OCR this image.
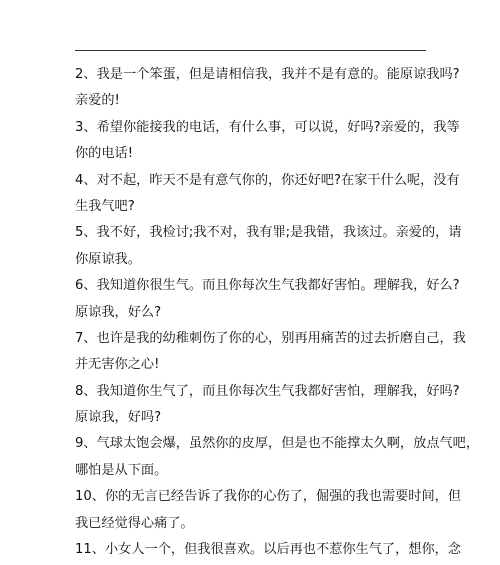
2、我是一个笨蛋，但是请相信我，我并不是有意的。能原谅我吗?
亲爱的!
3、希望你能接我的电话，有什么事，可以说，好吗?亲爱的，我等
你的电话!
4、对不起，昨天不是有意气你的，你还好吧?在家干什么呢，没有
生我气吧?
5、我不好，我检讨;我不对，我有罪;是我错，我该过。亲爱的，请
你原谅我。
6、我知道你很生气。而且你每次生气我都好害怕。理解我，好么?
原谅我，好么?
7、也许是我的幼稚刺伤了你的心，别再用痛苦的过去折磨自己，我
并无害你之心!
8、我知道你生气了，而且你每次生气我都好害怕，理解我，好吗?
原谅我，好吗?
9、气球太饱会爆，虽然你的皮厚，但是也不能撑太久啊，放点气吧，
哪怕是从下面。
10、你的无言已经告诉了我你的心伤了，倔强的我也需要时间，但
我已经觉得心痛了。
11、小女人一个，但我很喜欢。以后再也不惹你生气了，想你，念
